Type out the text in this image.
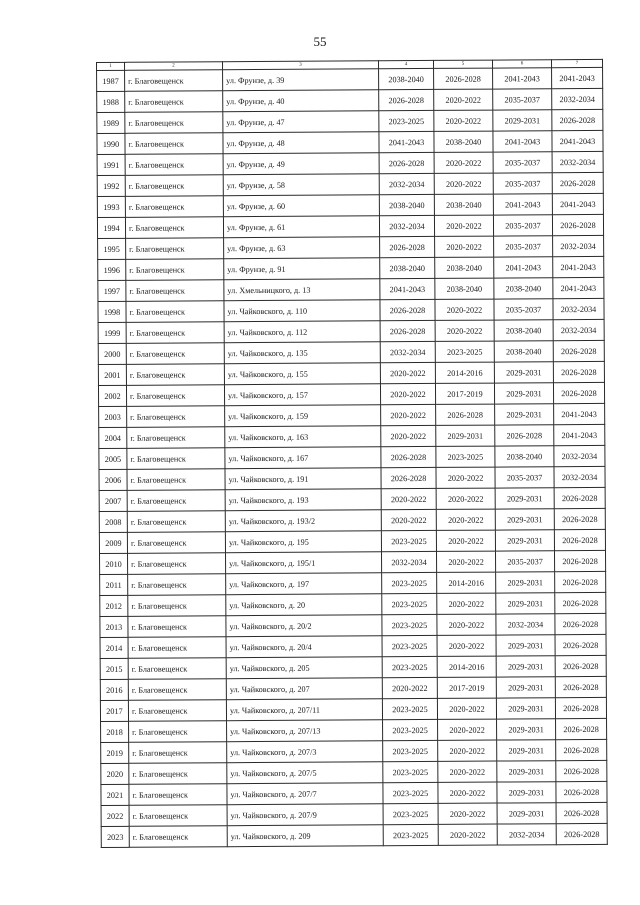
55
1	2	3	4	5	6	7
1987	г. Благовещенск	ул. Фрунзе, д. 39	2038-2040	2026-2028	2041-2043	2041-2043
1988	г. Благовещенск	ул. Фрунзе, д. 40	2026-2028	2020-2022	2035-2037	2032-2034
1989	г. Благовещенск	ул. Фрунзе, д. 47	2023-2025	2020-2022	2029-2031	2026-2028
1990	г. Благовещенск	ул. Фрунзе, д. 48	2041-2043	2038-2040	2041-2043	2041-2043
1991	г. Благовещенск	ул. Фрунзе, д. 49	2026-2028	2020-2022	2035-2037	2032-2034
1992	г. Благовещенск	ул. Фрунзе, д. 58	2032-2034	2020-2022	2035-2037	2026-2028
1993	г. Благовещенск	ул. Фрунзе, д. 60	2038-2040	2038-2040	2041-2043	2041-2043
1994	г. Благовещенск	ул. Фрунзе, д. 61	2032-2034	2020-2022	2035-2037	2026-2028
1995	г. Благовещенск	ул. Фрунзе, д. 63	2026-2028	2020-2022	2035-2037	2032-2034
1996	г. Благовещенск	ул. Фрунзе, д. 91	2038-2040	2038-2040	2041-2043	2041-2043
1997	г. Благовещенск	ул. Хмельницкого, д. 13	2041-2043	2038-2040	2038-2040	2041-2043
1998	г. Благовещенск	ул. Чайковского, д. 110	2026-2028	2020-2022	2035-2037	2032-2034
1999	г. Благовещенск	ул. Чайковского, д. 112	2026-2028	2020-2022	2038-2040	2032-2034
2000	г. Благовещенск	ул. Чайковского, д. 135	2032-2034	2023-2025	2038-2040	2026-2028
2001	г. Благовещенск	ул. Чайковского, д. 155	2020-2022	2014-2016	2029-2031	2026-2028
2002	г. Благовещенск	ул. Чайковского, д. 157	2020-2022	2017-2019	2029-2031	2026-2028
2003	г. Благовещенск	ул. Чайковского, д. 159	2020-2022	2026-2028	2029-2031	2041-2043
2004	г. Благовещенск	ул. Чайковского, д. 163	2020-2022	2029-2031	2026-2028	2041-2043
2005	г. Благовещенск	ул. Чайковского, д. 167	2026-2028	2023-2025	2038-2040	2032-2034
2006	г. Благовещенск	ул. Чайковского, д. 191	2026-2028	2020-2022	2035-2037	2032-2034
2007	г. Благовещенск	ул. Чайковского, д. 193	2020-2022	2020-2022	2029-2031	2026-2028
2008	г. Благовещенск	ул. Чайковского, д. 193/2	2020-2022	2020-2022	2029-2031	2026-2028
2009	г. Благовещенск	ул. Чайковского, д. 195	2023-2025	2020-2022	2029-2031	2026-2028
2010	г. Благовещенск	ул. Чайковского, д. 195/1	2032-2034	2020-2022	2035-2037	2026-2028
2011	г. Благовещенск	ул. Чайковского, д. 197	2023-2025	2014-2016	2029-2031	2026-2028
2012	г. Благовещенск	ул. Чайковского, д. 20	2023-2025	2020-2022	2029-2031	2026-2028
2013	г. Благовещенск	ул. Чайковского, д. 20/2	2023-2025	2020-2022	2032-2034	2026-2028
2014	г. Благовещенск	ул. Чайковского, д. 20/4	2023-2025	2020-2022	2029-2031	2026-2028
2015	г. Благовещенск	ул. Чайковского, д. 205	2023-2025	2014-2016	2029-2031	2026-2028
2016	г. Благовещенск	ул. Чайковского, д. 207	2020-2022	2017-2019	2029-2031	2026-2028
2017	г. Благовещенск	ул. Чайковского, д. 207/11	2023-2025	2020-2022	2029-2031	2026-2028
2018	г. Благовещенск	ул. Чайковского, д. 207/13	2023-2025	2020-2022	2029-2031	2026-2028
2019	г. Благовещенск	ул. Чайковского, д. 207/3	2023-2025	2020-2022	2029-2031	2026-2028
2020	г. Благовещенск	ул. Чайковского, д. 207/5	2023-2025	2020-2022	2029-2031	2026-2028
2021	г. Благовещенск	ул. Чайковского, д. 207/7	2023-2025	2020-2022	2029-2031	2026-2028
2022	г. Благовещенск	ул. Чайковского, д. 207/9	2023-2025	2020-2022	2029-2031	2026-2028
2023	г. Благовещенск	ул. Чайковского, д. 209	2023-2025	2020-2022	2032-2034	2026-2028
